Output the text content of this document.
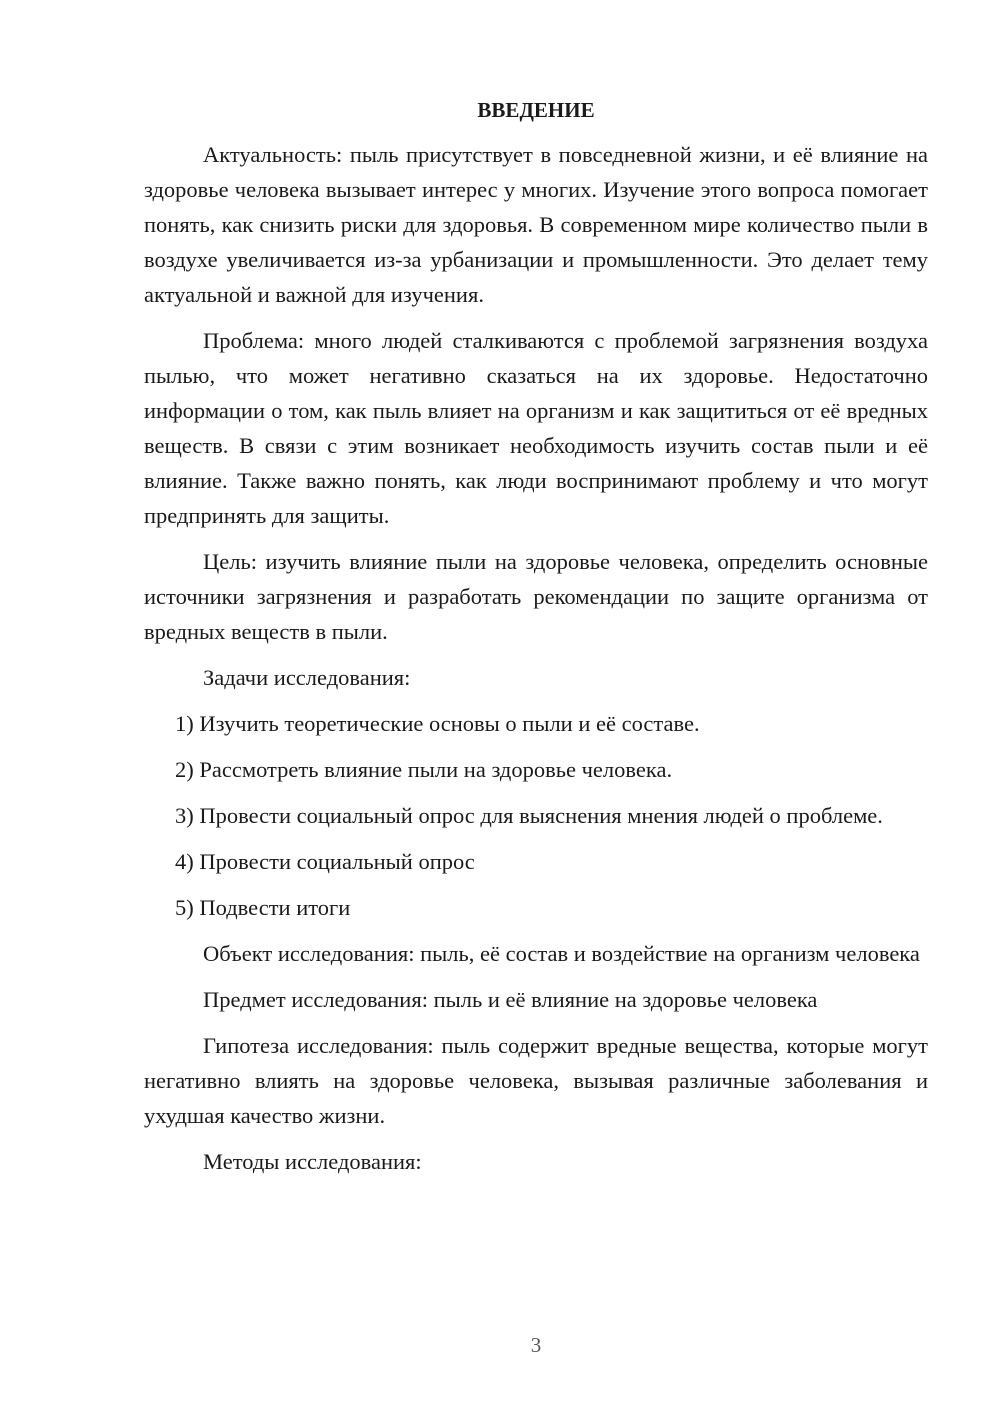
ВВЕДЕНИЕ

Актуальность: пыль присутствует в повседневной жизни, и её влияние на здоровье человека вызывает интерес у многих. Изучение этого вопроса помогает понять, как снизить риски для здоровья. В современном мире количество пыли в воздухе увеличивается из-за урбанизации и промышленности. Это делает тему актуальной и важной для изучения.

Проблема: много людей сталкиваются с проблемой загрязнения воздуха пылью, что может негативно сказаться на их здоровье. Недостаточно информации о том, как пыль влияет на организм и как защититься от её вредных веществ. В связи с этим возникает необходимость изучить состав пыли и её влияние. Также важно понять, как люди воспринимают проблему и что могут предпринять для защиты.

Цель: изучить влияние пыли на здоровье человека, определить основные источники загрязнения и разработать рекомендации по защите организма от вредных веществ в пыли.

Задачи исследования:

1) Изучить теоретические основы о пыли и её составе.

2) Рассмотреть влияние пыли на здоровье человека.

3) Провести социальный опрос для выяснения мнения людей о проблеме.

4) Провести социальный опрос

5) Подвести итоги

Объект исследования: пыль, её состав и воздействие на организм человека

Предмет исследования: пыль и её влияние на здоровье человека

Гипотеза исследования: пыль содержит вредные вещества, которые могут негативно влиять на здоровье человека, вызывая различные заболевания и ухудшая качество жизни.

Методы исследования:

3
